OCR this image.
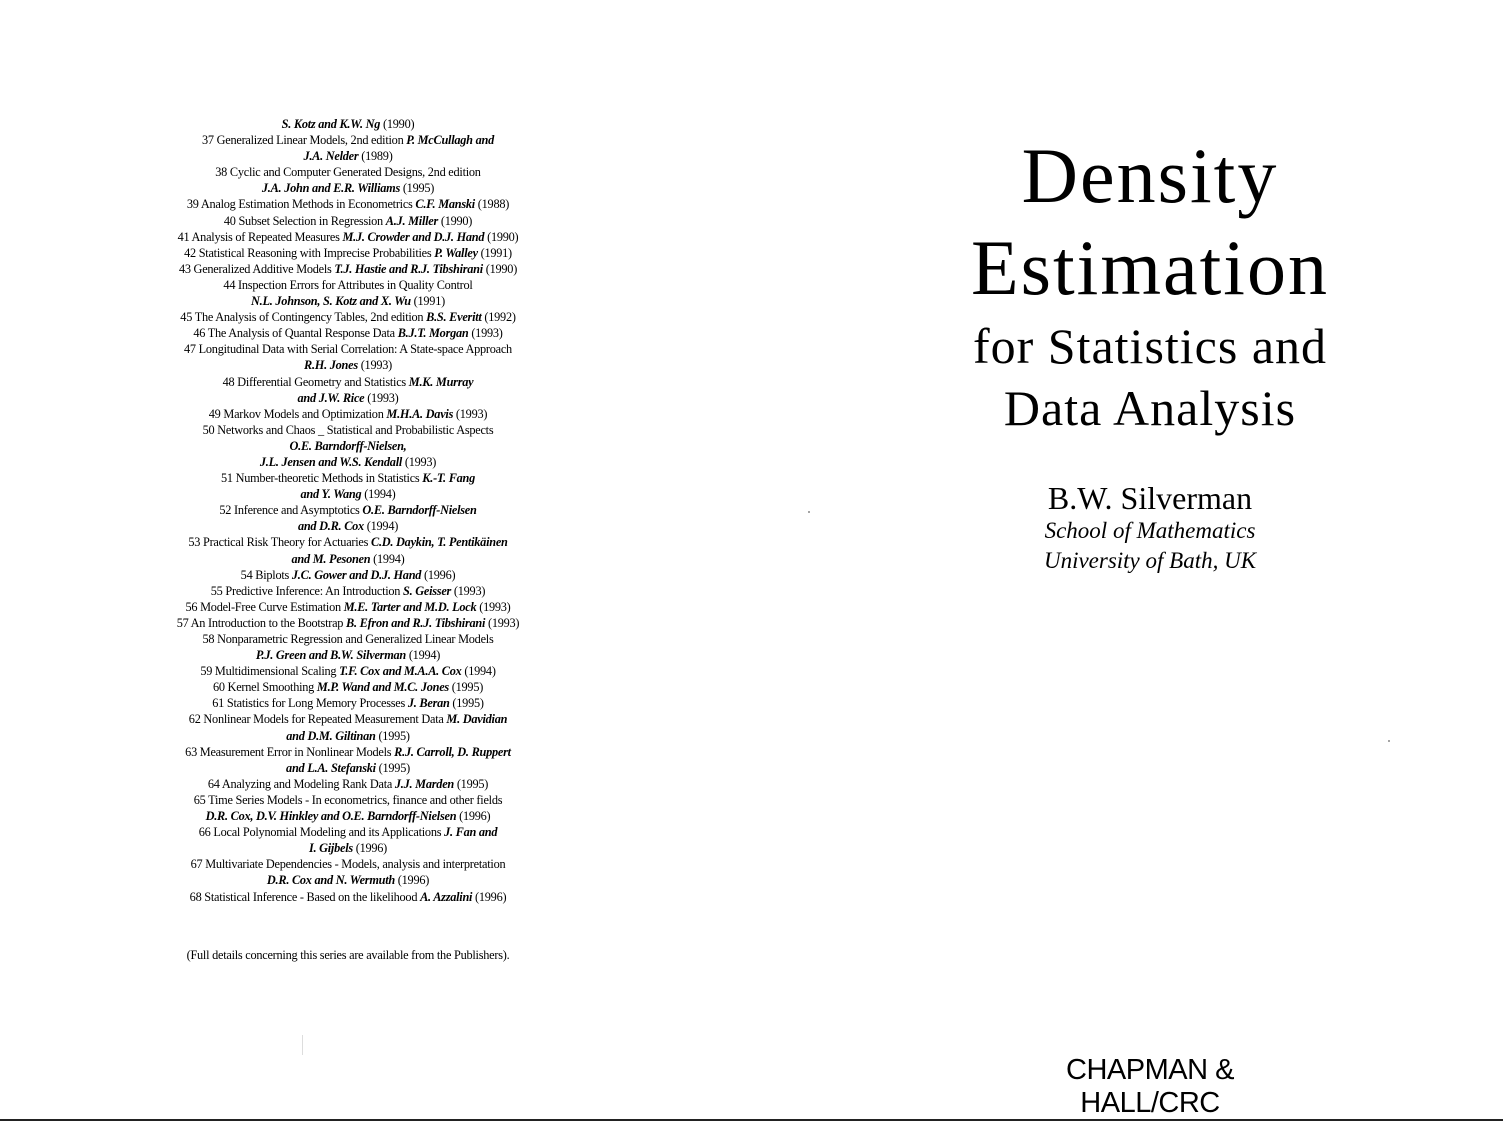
S. Kotz and K.W. Ng (1990)
37 Generalized Linear Models, 2nd edition P. McCullagh and
J.A. Nelder (1989)
38 Cyclic and Computer Generated Designs, 2nd edition
J.A. John and E.R. Williams (1995)
39 Analog Estimation Methods in Econometrics C.F. Manski (1988)
40 Subset Selection in Regression A.J. Miller (1990)
41 Analysis of Repeated Measures M.J. Crowder and D.J. Hand (1990)
42 Statistical Reasoning with Imprecise Probabilities P. Walley (1991)
43 Generalized Additive Models T.J. Hastie and R.J. Tibshirani (1990)
44 Inspection Errors for Attributes in Quality Control
N.L. Johnson, S. Kotz and X. Wu (1991)
45 The Analysis of Contingency Tables, 2nd edition B.S. Everitt (1992)
46 The Analysis of Quantal Response Data B.J.T. Morgan (1993)
47 Longitudinal Data with Serial Correlation: A State-space Approach
R.H. Jones (1993)
48 Differential Geometry and Statistics M.K. Murray
and J.W. Rice (1993)
49 Markov Models and Optimization M.H.A. Davis (1993)
50 Networks and Chaos _ Statistical and Probabilistic Aspects
O.E. Barndorff-Nielsen,
J.L. Jensen and W.S. Kendall (1993)
51 Number-theoretic Methods in Statistics K.-T. Fang
and Y. Wang (1994)
52 Inference and Asymptotics O.E. Barndorff-Nielsen
and D.R. Cox (1994)
53 Practical Risk Theory for Actuaries C.D. Daykin, T. Pentikäinen
and M. Pesonen (1994)
54 Biplots J.C. Gower and D.J. Hand (1996)
55 Predictive Inference: An Introduction S. Geisser (1993)
56 Model-Free Curve Estimation M.E. Tarter and M.D. Lock (1993)
57 An Introduction to the Bootstrap B. Efron and R.J. Tibshirani (1993)
58 Nonparametric Regression and Generalized Linear Models
P.J. Green and B.W. Silverman (1994)
59 Multidimensional Scaling T.F. Cox and M.A.A. Cox (1994)
60 Kernel Smoothing M.P. Wand and M.C. Jones (1995)
61 Statistics for Long Memory Processes J. Beran (1995)
62 Nonlinear Models for Repeated Measurement Data M. Davidian
and D.M. Giltinan (1995)
63 Measurement Error in Nonlinear Models R.J. Carroll, D. Ruppert
and L.A. Stefanski (1995)
64 Analyzing and Modeling Rank Data J.J. Marden (1995)
65 Time Series Models - In econometrics, finance and other fields
D.R. Cox, D.V. Hinkley and O.E. Barndorff-Nielsen (1996)
66 Local Polynomial Modeling and its Applications J. Fan and
I. Gijbels (1996)
67 Multivariate Dependencies - Models, analysis and interpretation
D.R. Cox and N. Wermuth (1996)
68 Statistical Inference - Based on the likelihood A. Azzalini (1996)
(Full details concerning this series are available from the Publishers).
Density
Estimation
for Statistics and
Data Analysis
B.W. Silverman
School of Mathematics
University of Bath, UK
CHAPMAN & HALL/CRC
